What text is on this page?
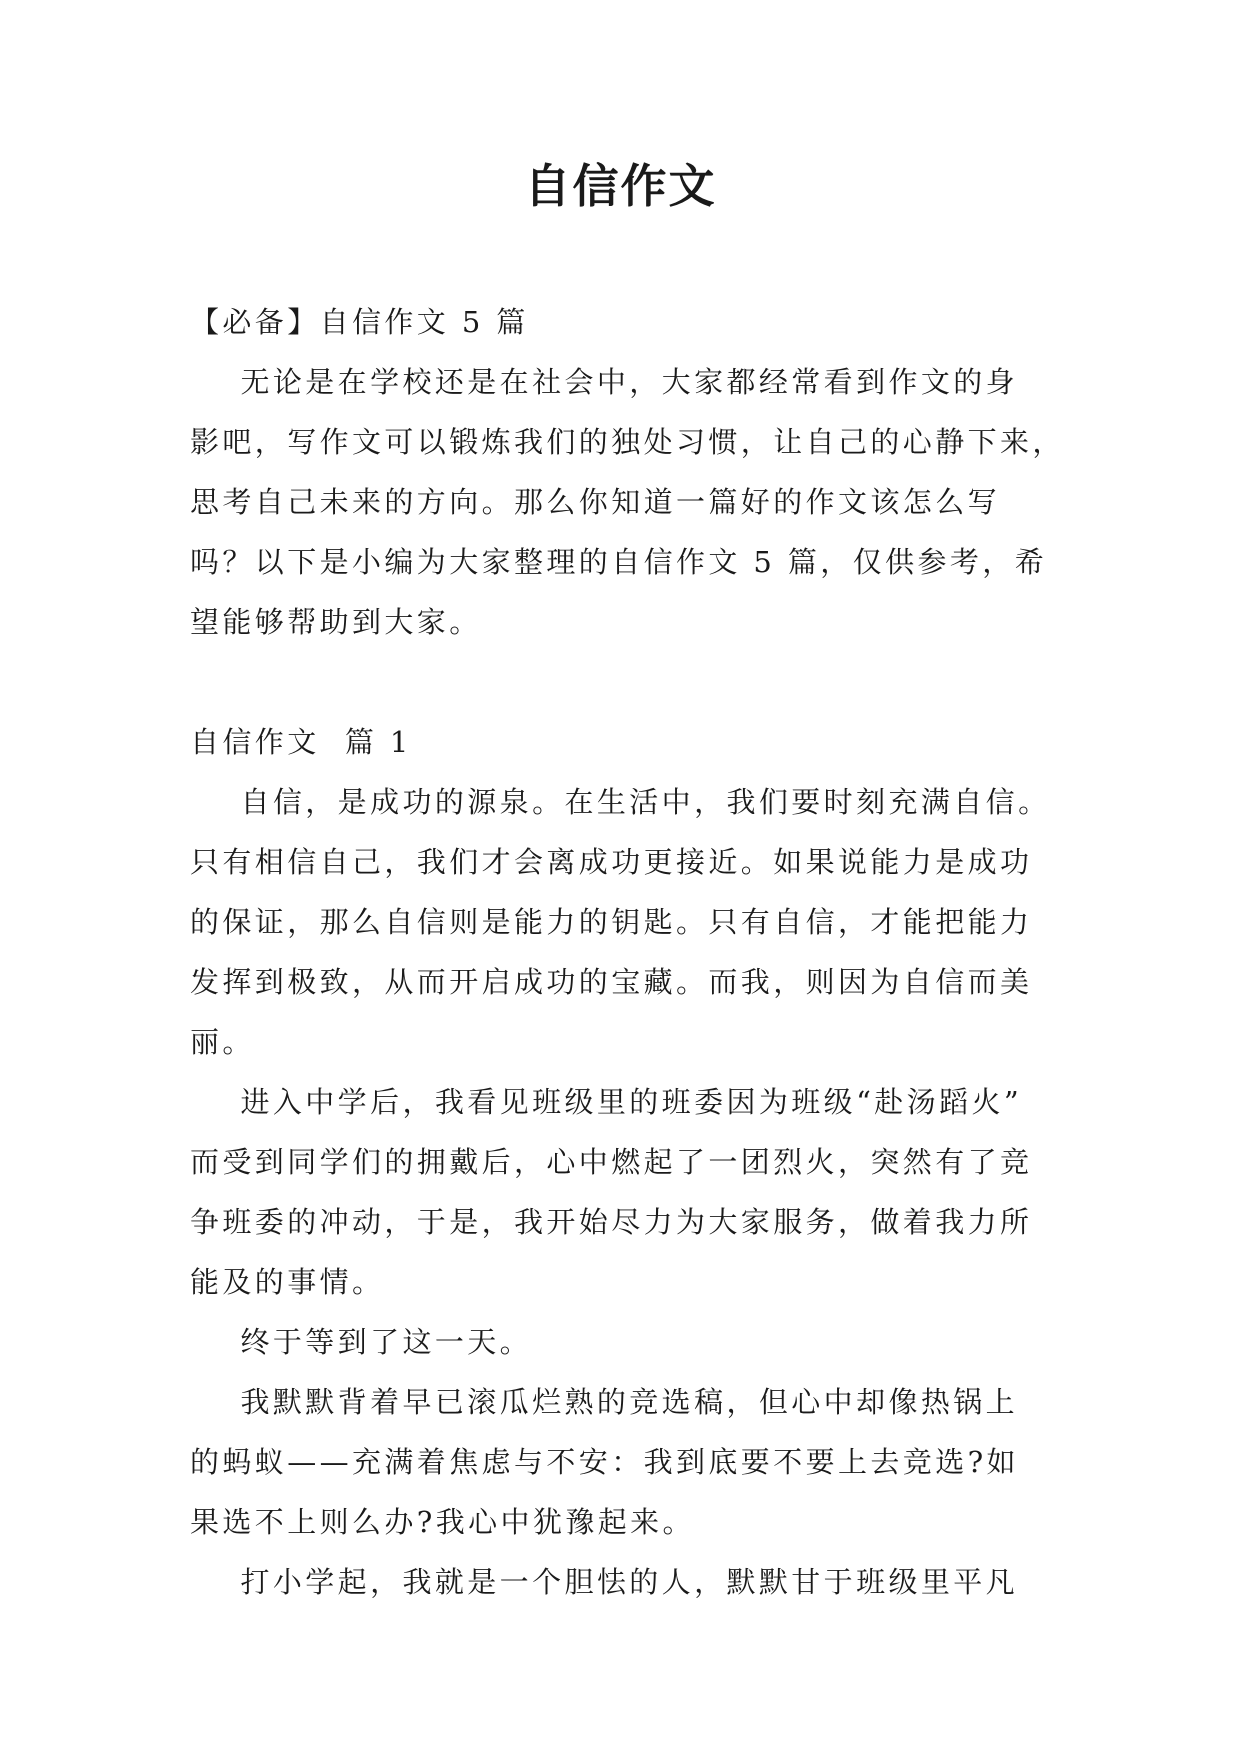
自信作文

【必备】自信作文 5 篇

无论是在学校还是在社会中，大家都经常看到作文的身

影吧，写作文可以锻炼我们的独处习惯，让自己的心静下来，

思考自己未来的方向。那么你知道一篇好的作文该怎么写

吗？以下是小编为大家整理的自信作文 5 篇，仅供参考，希

望能够帮助到大家。

自信作文  篇 1

自信，是成功的源泉。在生活中，我们要时刻充满自信。

只有相信自己，我们才会离成功更接近。如果说能力是成功

的保证，那么自信则是能力的钥匙。只有自信，才能把能力

发挥到极致，从而开启成功的宝藏。而我，则因为自信而美

丽。

进入中学后，我看见班级里的班委因为班级“赴汤蹈火”

而受到同学们的拥戴后，心中燃起了一团烈火，突然有了竞

争班委的冲动，于是，我开始尽力为大家服务，做着我力所

能及的事情。

终于等到了这一天。

我默默背着早已滚瓜烂熟的竞选稿，但心中却像热锅上

的蚂蚁——充满着焦虑与不安：我到底要不要上去竞选?如

果选不上则么办?我心中犹豫起来。

打小学起，我就是一个胆怯的人，默默甘于班级里平凡
